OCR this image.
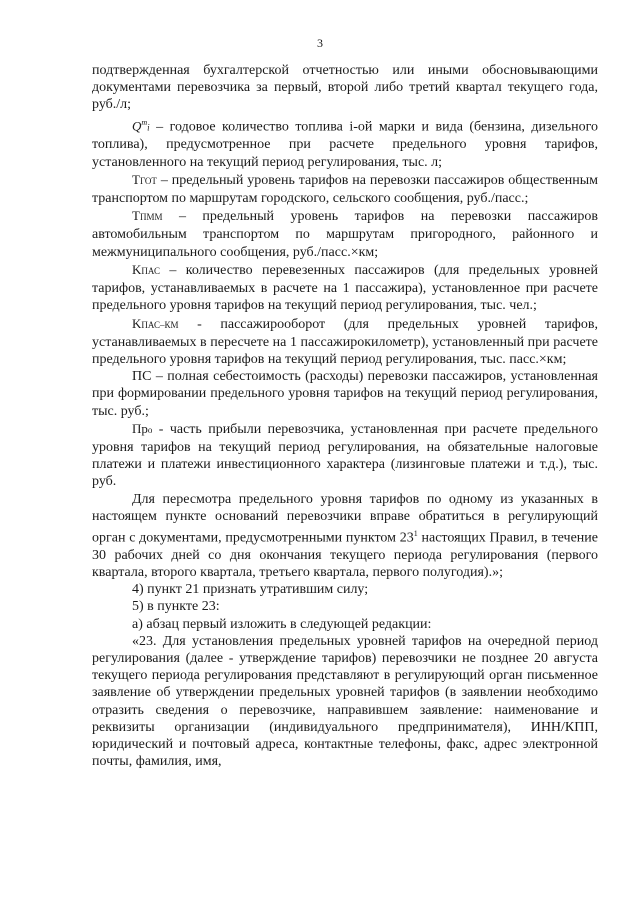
3

подтвержденная бухгалтерской отчетностью или иными обосновывающими документами перевозчика за первый, второй либо третий квартал текущего года, руб./л;

$Q^mi$ – годовое количество топлива i-ой марки и вида (бензина, дизельного топлива), предусмотренное при расчете предельного уровня тарифов, установленного на текущий период регулирования, тыс. л;

TГОТ – предельный уровень тарифов на перевозки пассажиров общественным транспортом по маршрутам городского, сельского сообщения, руб./пасс.;

TПММ – предельный уровень тарифов на перевозки пассажиров автомобильным транспортом по маршрутам пригородного, районного и межмуниципального сообщения, руб./пасс.×км;

KПАС – количество перевезенных пассажиров (для предельных уровней тарифов, устанавливаемых в расчете на 1 пассажира), установленное при расчете предельного уровня тарифов на текущий период регулирования, тыс. чел.;

KПАС–КМ - пассажирооборот (для предельных уровней тарифов, устанавливаемых в пересчете на 1 пассажирокилометр), установленный при расчете предельного уровня тарифов на текущий период регулирования, тыс. пасс.×км;

ПС – полная себестоимость (расходы) перевозки пассажиров, установленная при формировании предельного уровня тарифов на текущий период регулирования, тыс. руб.;

Про - часть прибыли перевозчика, установленная при расчете предельного уровня тарифов на текущий период регулирования, на обязательные налоговые платежи и платежи инвестиционного характера (лизинговые платежи и т.д.), тыс. руб.

Для пересмотра предельного уровня тарифов по одному из указанных в настоящем пункте оснований перевозчики вправе обратиться в регулирующий орган с документами, предусмотренными пунктом $23^1$ настоящих Правил, в течение 30 рабочих дней со дня окончания текущего периода регулирования (первого квартала, второго квартала, третьего квартала, первого полугодия).»;

4) пункт 21 признать утратившим силу;

5) в пункте 23:

а) абзац первый изложить в следующей редакции:

«23. Для установления предельных уровней тарифов на очередной период регулирования (далее - утверждение тарифов) перевозчики не позднее 20 августа текущего периода регулирования представляют в регулирующий орган письменное заявление об утверждении предельных уровней тарифов (в заявлении необходимо отразить сведения о перевозчике, направившем заявление: наименование и реквизиты организации (индивидуального предпринимателя), ИНН/КПП, юридический и почтовый адреса, контактные телефоны, факс, адрес электронной почты, фамилия, имя,
